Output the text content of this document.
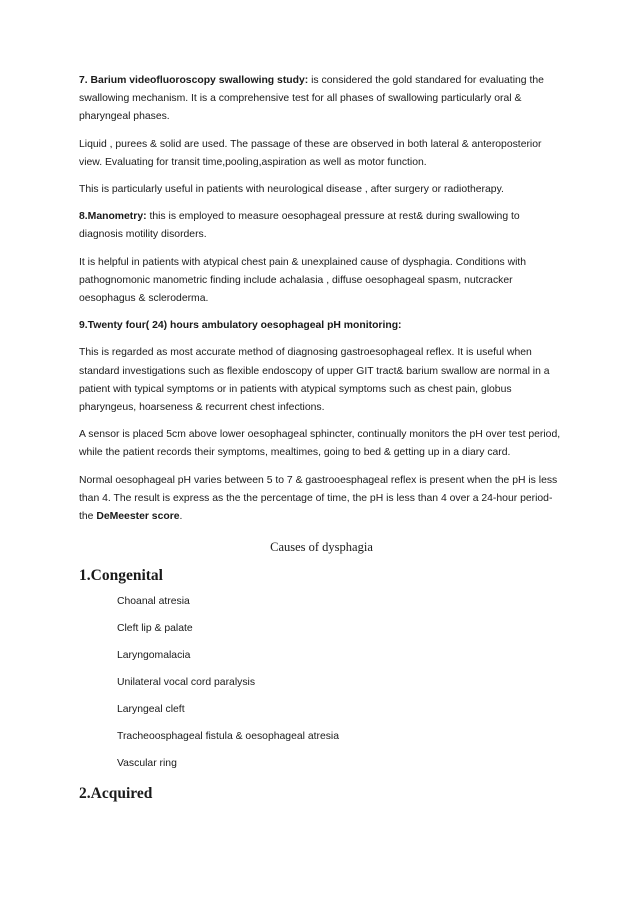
7. Barium videofluoroscopy swallowing study: is considered the gold standared for evaluating the swallowing mechanism. It is a comprehensive test for all phases of swallowing particularly oral & pharyngeal phases.

Liquid , purees & solid are used. The passage of these are observed in both lateral & anteroposterior view. Evaluating for transit time,pooling,aspiration as well as motor function.

This is particularly useful in patients with neurological disease , after surgery or radiotherapy.

8.Manometry: this is employed to measure oesophageal pressure at rest& during swallowing to diagnosis motility disorders.

It is helpful in patients with atypical chest pain & unexplained cause of dysphagia. Conditions with pathognomonic manometric finding include achalasia , diffuse oesophageal spasm, nutcracker oesophagus & scleroderma.

9.Twenty four( 24) hours ambulatory oesophageal pH monitoring:

This is regarded as most accurate method of diagnosing gastroesophageal reflex. It is useful when standard investigations such as flexible endoscopy of upper GIT tract& barium swallow are normal in a patient with typical symptoms or in patients with atypical symptoms such as chest pain, globus pharyngeus, hoarseness & recurrent chest infections.

A sensor is placed 5cm above lower oesophageal sphincter, continually monitors the pH over test period, while the patient records their symptoms, mealtimes, going to bed & getting up in a diary card.

Normal oesophageal pH varies between 5 to 7 & gastrooesphageal reflex is present when the pH is less than 4. The result is express as the the percentage of time, the pH is less than 4 over a 24-hour period- the DeMeester score.

Causes of dysphagia
1.Congenital
Choanal atresia
Cleft lip & palate
Laryngomalacia
Unilateral vocal cord paralysis
Laryngeal cleft
Tracheoosphageal fistula & oesophageal atresia
Vascular ring
2.Acquired
